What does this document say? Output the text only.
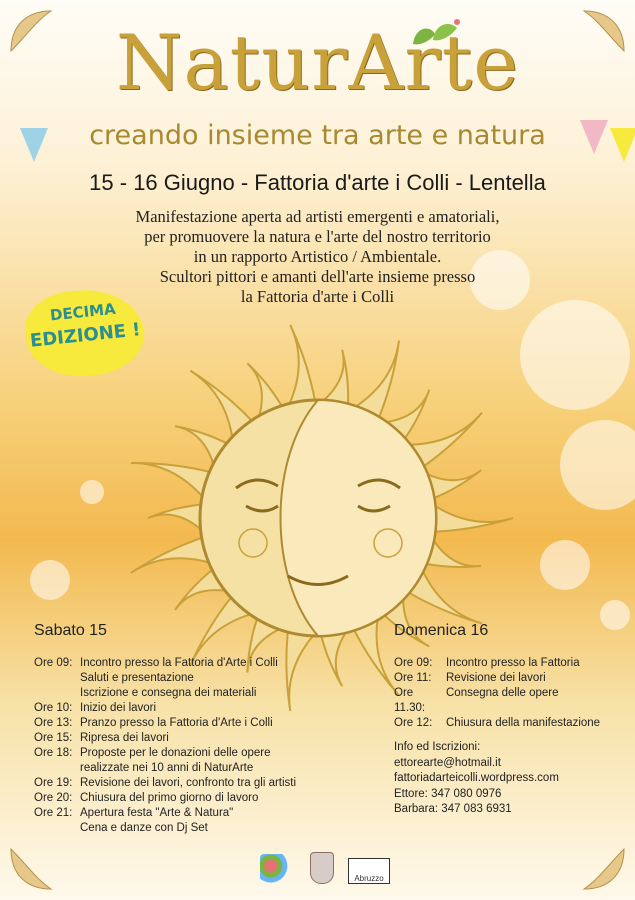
NaturArte
creando insieme tra arte e natura
15 - 16 Giugno - Fattoria d'arte i Colli - Lentella
Manifestazione aperta ad artisti emergenti e amatoriali,
per promuovere la natura e l'arte del nostro territorio
in un rapporto Artistico / Ambientale.
Scultori pittori e amanti dell'arte insieme presso
la Fattoria d'arte i Colli
DECIMA
EDIZIONE !
Sabato 15
Ore 09: Incontro presso la Fattoria d'Arte i Colli
Saluti e presentazione
Iscrizione e consegna dei materiali
Ore 10: Inizio dei lavori
Ore 13: Pranzo presso la Fattoria d'Arte i Colli
Ore 15: Ripresa dei lavori
Ore 18: Proposte per le donazioni delle opere
realizzate nei 10 anni di NaturArte
Ore 19: Revisione dei lavori, confronto tra gli artisti
Ore 20: Chiusura del primo giorno di lavoro
Ore 21: Apertura festa "Arte & Natura"
Cena e danze con Dj Set
Domenica 16
Ore 09:	Incontro presso la Fattoria
Ore 11:	Revisione dei lavori
Ore 11.30:
Consegna delle opere
Ore 12:	Chiusura della manifestazione
Info ed Iscrizioni:
ettorearte@hotmail.it
fattoriadarteicolli.wordpress.com
Ettore: 347 080 0976
Barbara: 347 083 6931
Abruzzo
